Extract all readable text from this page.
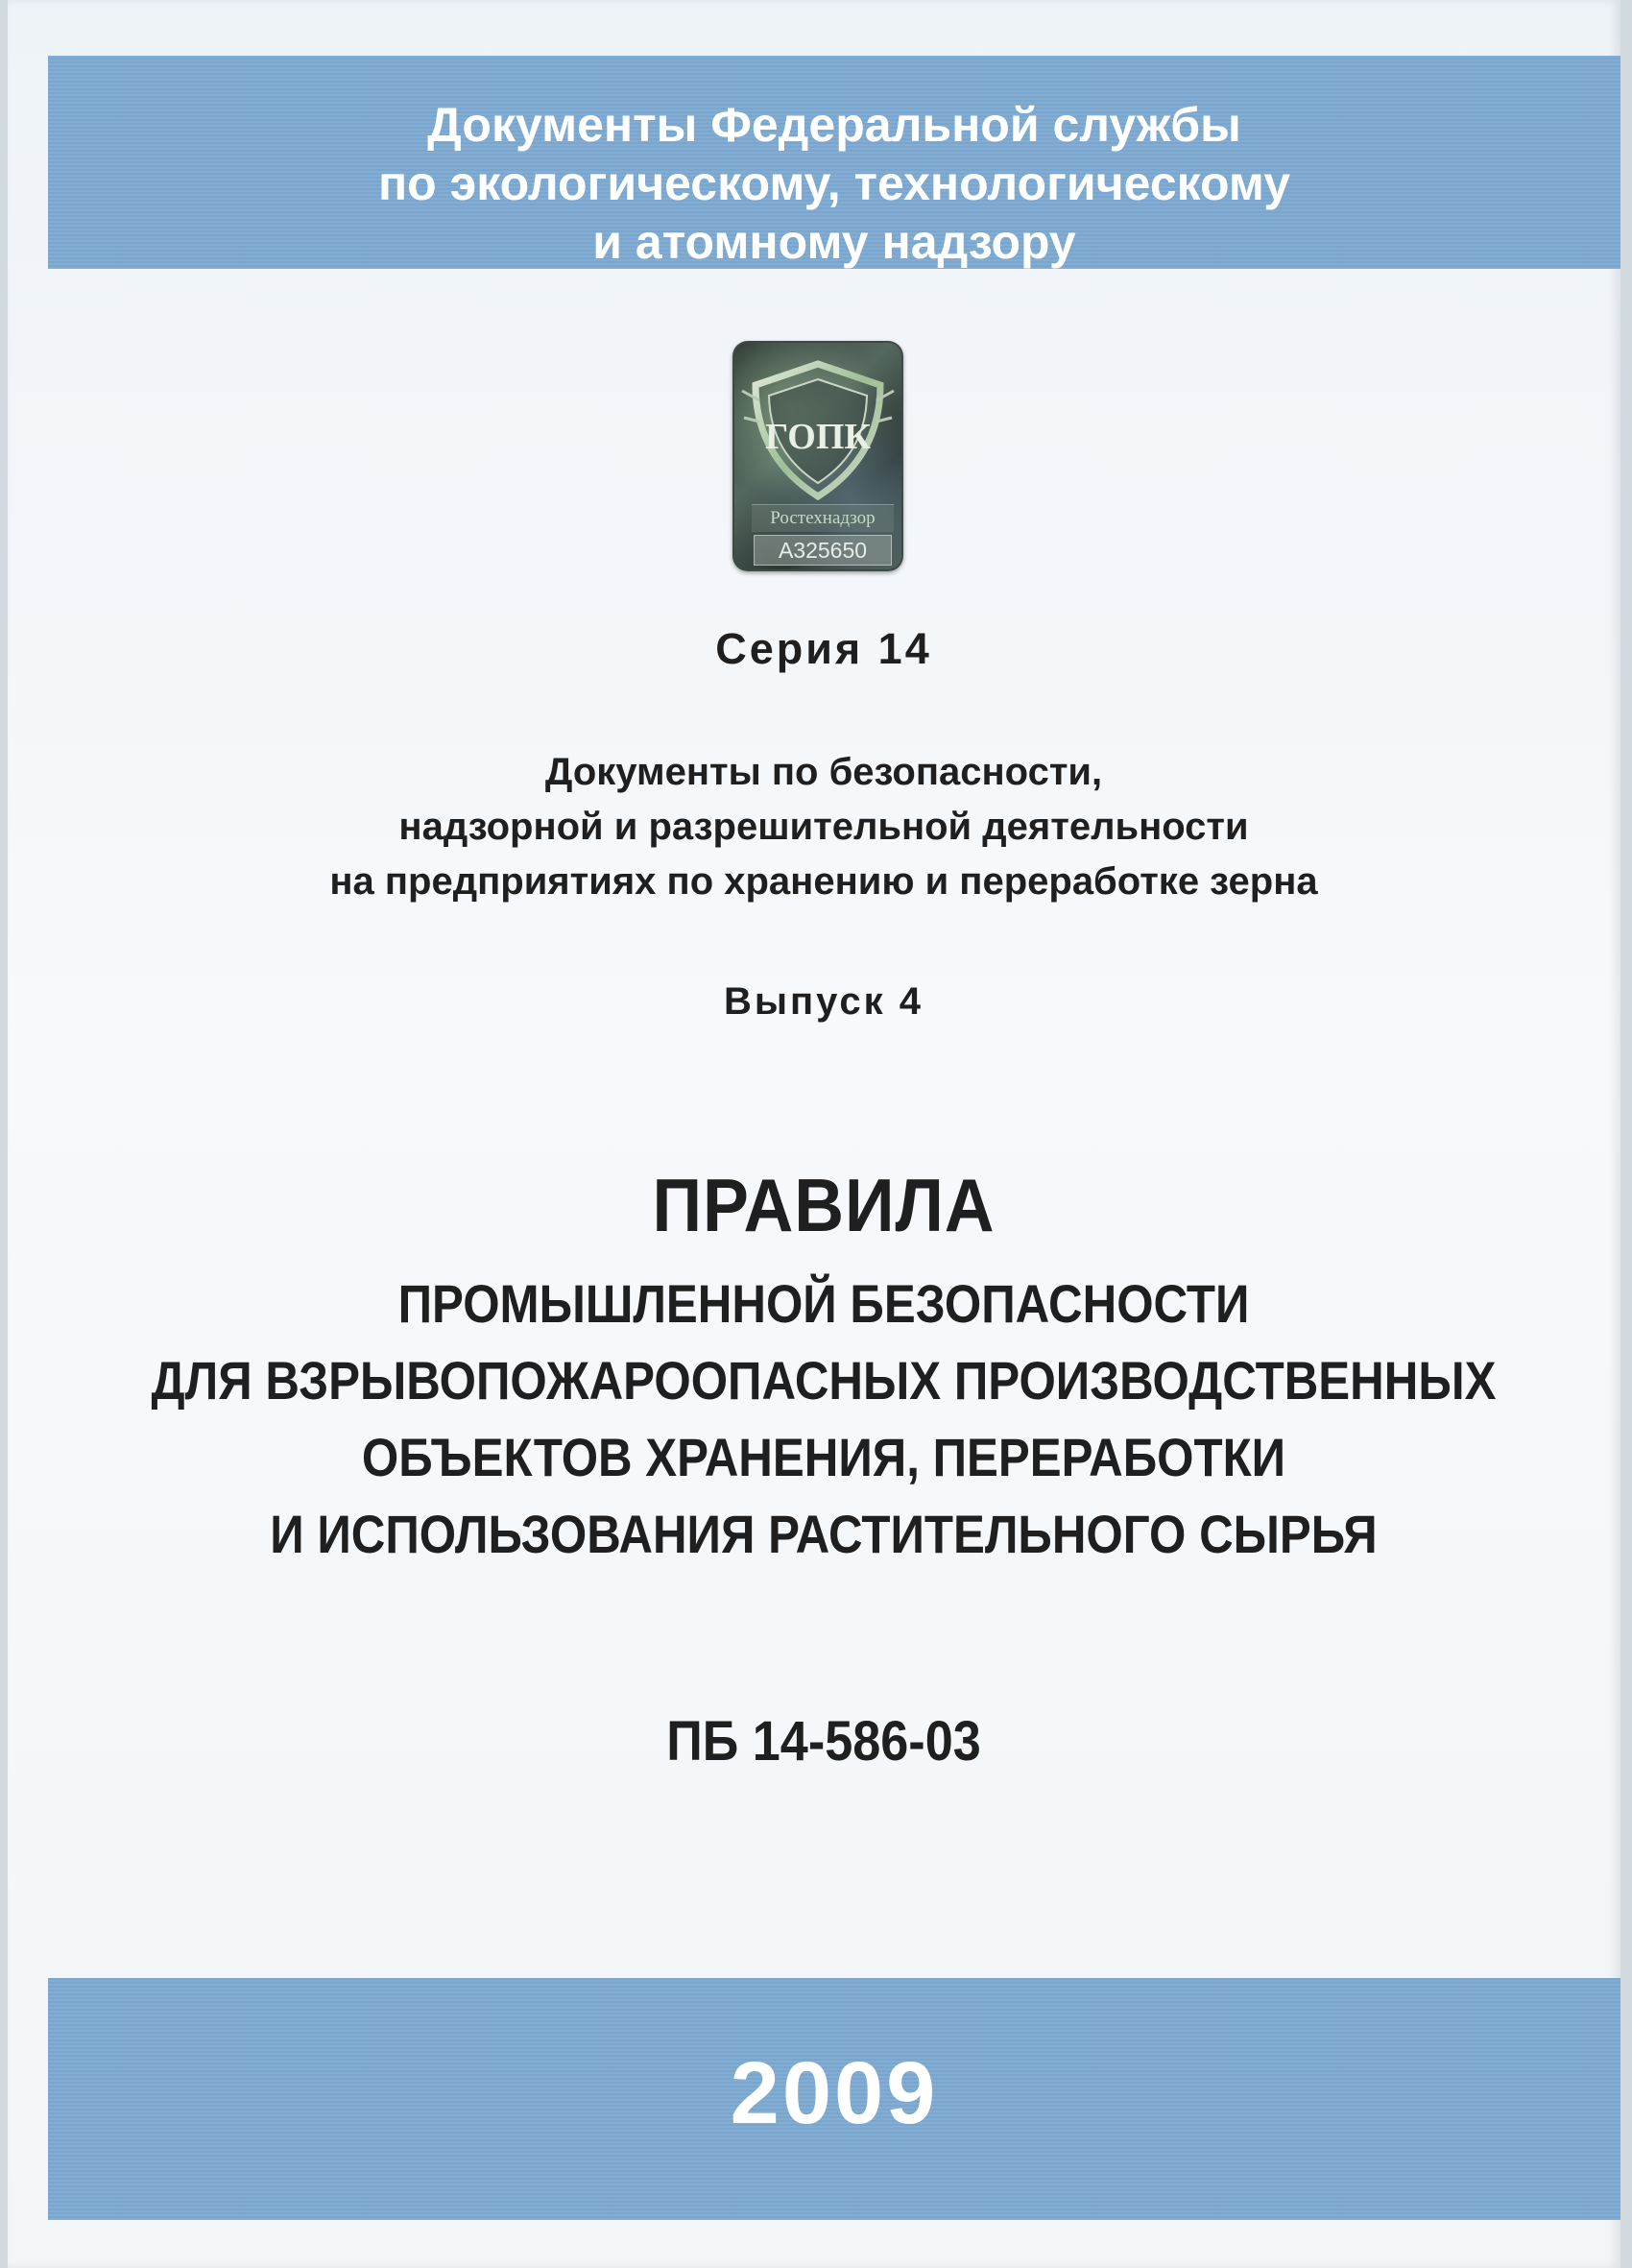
Документы Федеральной службы
по экологическому, технологическому
и атомному надзору
ГОПК
Ростехнадзор
А325650
Серия 14
Документы по безопасности,
надзорной и разрешительной деятельности
на предприятиях по хранению и переработке зерна
Выпуск 4
ПРАВИЛА
ПРОМЫШЛЕННОЙ БЕЗОПАСНОСТИ
ДЛЯ ВЗРЫВОПОЖАРООПАСНЫХ ПРОИЗВОДСТВЕННЫХ
ОБЪЕКТОВ ХРАНЕНИЯ, ПЕРЕРАБОТКИ
И ИСПОЛЬЗОВАНИЯ РАСТИТЕЛЬНОГО СЫРЬЯ
ПБ 14-586-03
2009
